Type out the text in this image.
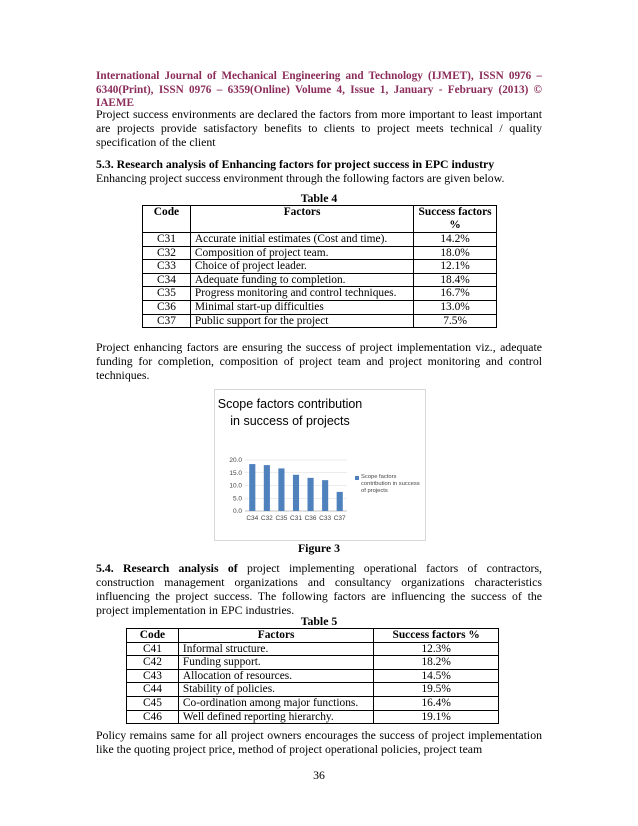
International Journal of Mechanical Engineering and Technology (IJMET), ISSN 0976 – 6340(Print), ISSN 0976 – 6359(Online) Volume 4, Issue 1, January - February (2013) © IAEME

Project success environments are declared the factors from more important to least important are projects provide satisfactory benefits to clients to project meets technical / quality specification of the client

5.3. Research analysis of Enhancing factors for project success in EPC industry

Enhancing project success environment through the following factors are given below.

Table 4
Code	Factors	Success factors %
C31	Accurate initial estimates (Cost and time).	14.2%
C32	Composition of project team.	18.0%
C33	Choice of project leader.	12.1%
C34	Adequate funding to completion.	18.4%
C35	Progress monitoring and control techniques.	16.7%
C36	Minimal start-up difficulties	13.0%
C37	Public support for the project	7.5%

Project enhancing factors are ensuring the success of project implementation viz., adequate funding for completion, composition of project team and project monitoring and control techniques.

Scope factors contribution in success of projects
0.0
5.0
10.0
15.0
20.0
C34 C32 C35 C31 C36 C33 C37
Scope factors contribution in success of projects
Figure 3

5.4. Research analysis of project implementing operational factors of contractors, construction management organizations and consultancy organizations characteristics influencing the project success. The following factors are influencing the success of the project implementation in EPC industries.

Table 5
Code	Factors	Success factors %
C41	Informal structure.	12.3%
C42	Funding support.	18.2%
C43	Allocation of resources.	14.5%
C44	Stability of policies.	19.5%
C45	Co-ordination among major functions.	16.4%
C46	Well defined reporting hierarchy.	19.1%

Policy remains same for all project owners encourages the success of project implementation like the quoting project price, method of project operational policies, project team

36
